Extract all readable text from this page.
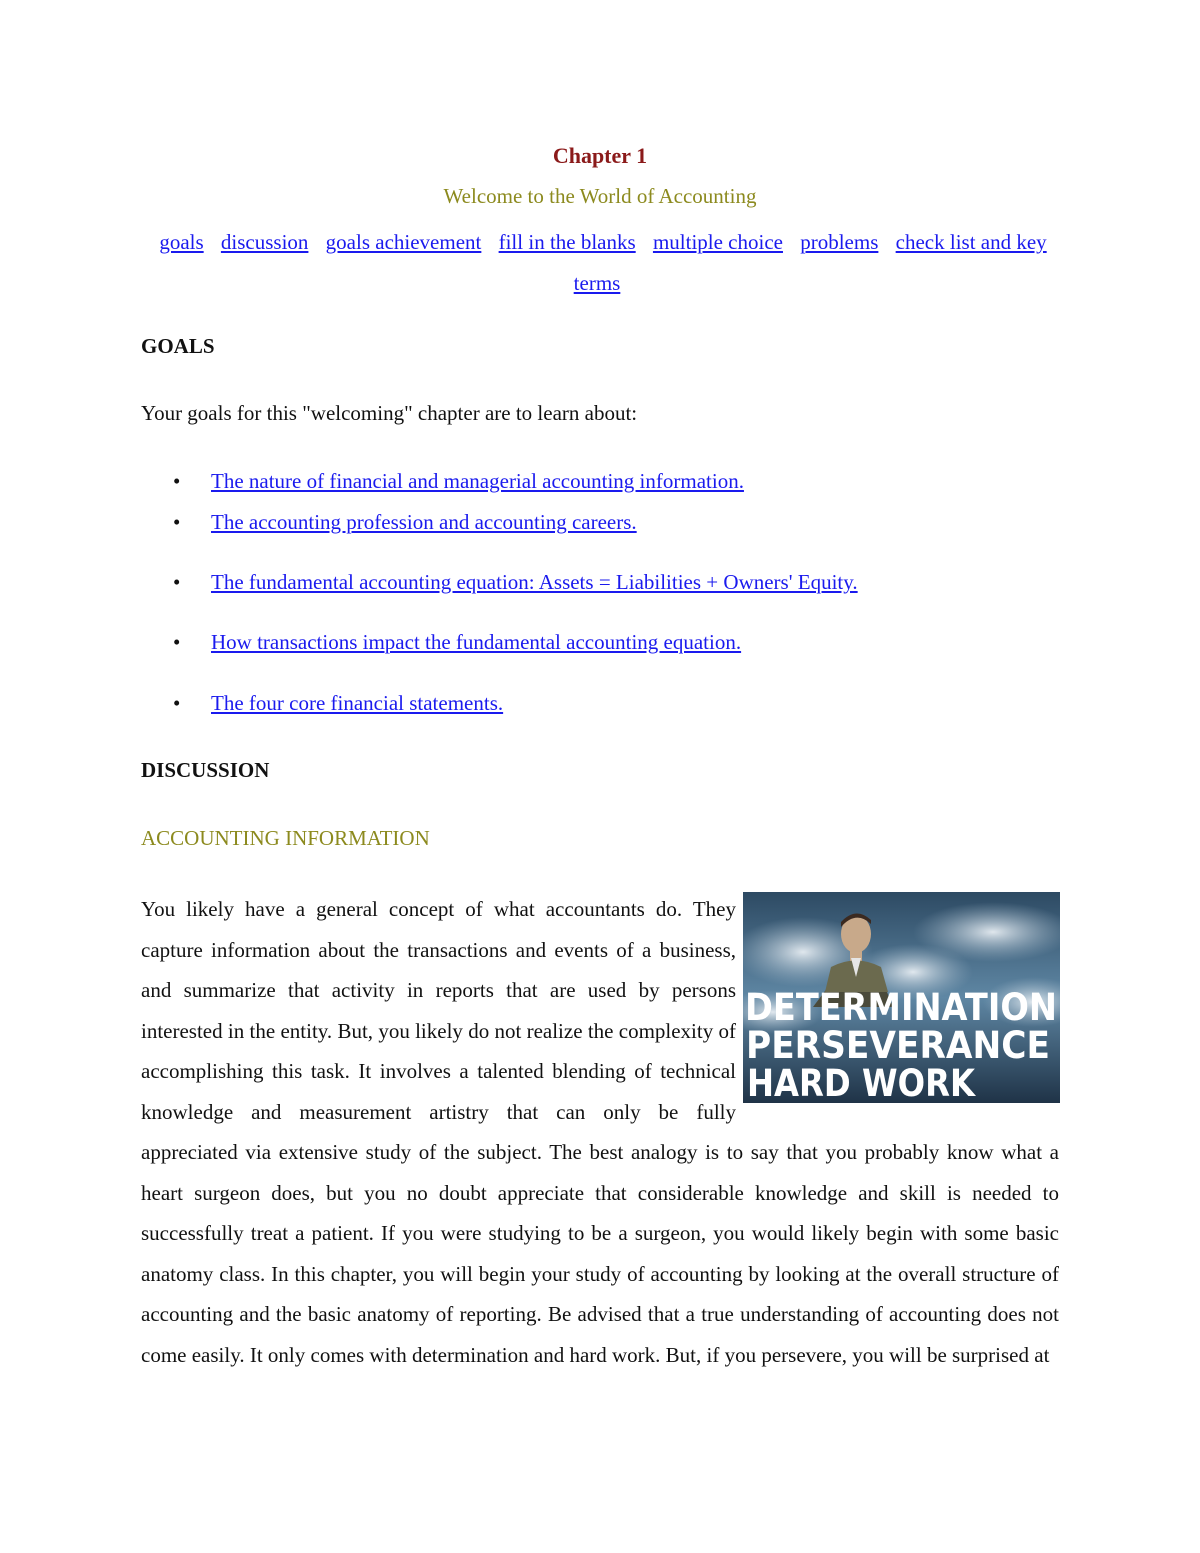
Chapter 1
Welcome to the World of Accounting
goals discussion goals achievement fill in the blanks multiple choice problems check list and key terms
GOALS
Your goals for this "welcoming" chapter are to learn about:
• The nature of financial and managerial accounting information.
• The accounting profession and accounting careers.
• The fundamental accounting equation: Assets = Liabilities + Owners' Equity.
• How transactions impact the fundamental accounting equation.
• The four core financial statements.
DISCUSSION
ACCOUNTING INFORMATION
You likely have a general concept of what accountants do. They capture information about the transactions and events of a business, and summarize that activity in reports that are used by persons interested in the entity. But, you likely do not realize the complexity of accomplishing this task. It involves a talented blending of technical knowledge and measurement artistry that can only be fully appreciated via extensive study of the subject. The best analogy is to say that you probably know what a heart surgeon does, but you no doubt appreciate that considerable knowledge and skill is needed to successfully treat a patient. If you were studying to be a surgeon, you would likely begin with some basic anatomy class. In this chapter, you will begin your study of accounting by looking at the overall structure of accounting and the basic anatomy of reporting. Be advised that a true understanding of accounting does not come easily. It only comes with determination and hard work. But, if you persevere, you will be surprised at
DETERMINATION
PERSEVERANCE
HARD WORK
